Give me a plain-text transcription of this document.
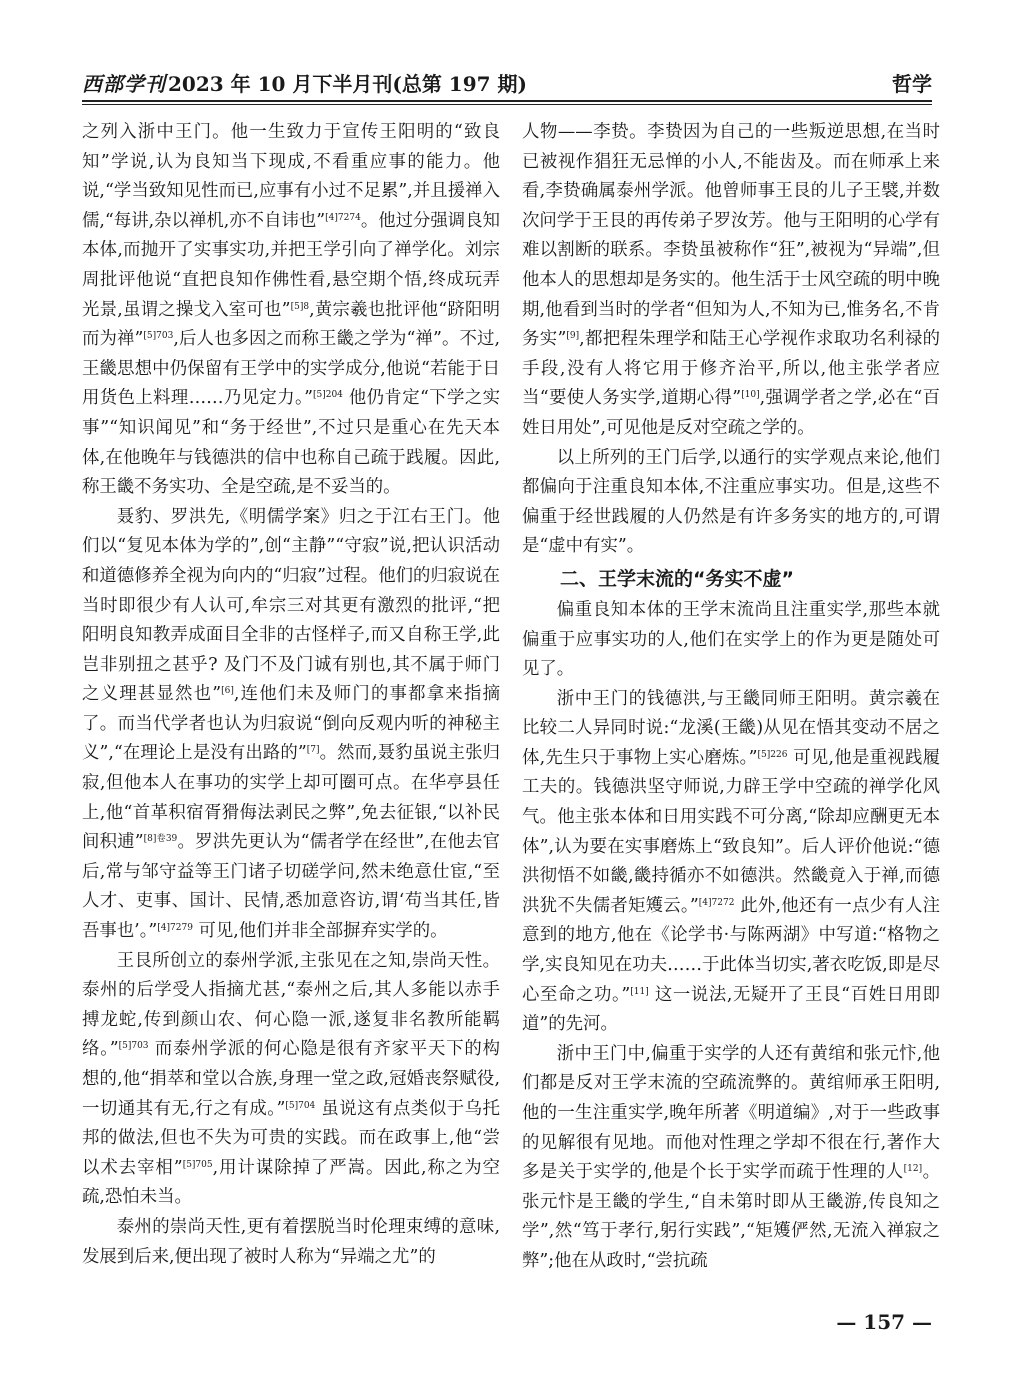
西部学刊 2023 年 10 月下半月刊(总第 197 期)	哲学

之列入浙中王门。他一生致力于宣传王阳明的“致良知”学说,认为良知当下现成,不看重应事的能力。他说,“学当致知见性而已,应事有小过不足累”,并且援禅入儒,“每讲,杂以禅机,亦不自讳也”$^{[4]7274}$。他过分强调良知本体,而抛开了实事实功,并把王学引向了禅学化。刘宗周批评他说“直把良知作佛性看,悬空期个悟,终成玩弄光景,虽谓之操戈入室可也”$^{[5]8}$,黄宗羲也批评他“跻阳明而为禅”$^{[5]703}$,后人也多因之而称王畿之学为“禅”。不过,王畿思想中仍保留有王学中的实学成分,他说“若能于日用货色上料理……乃见定力。”$^{[5]204}$ 他仍肯定“下学之实事”“知识闻见”和“务于经世”,不过只是重心在先天本体,在他晚年与钱德洪的信中也称自己疏于践履。因此,称王畿不务实功、全是空疏,是不妥当的。

聂豹、罗洪先,《明儒学案》归之于江右王门。他们以“复见本体为学的”,创“主静”“守寂”说,把认识活动和道德修养全视为向内的“归寂”过程。他们的归寂说在当时即很少有人认可,牟宗三对其更有激烈的批评,“把阳明良知教弄成面目全非的古怪样子,而又自称王学,此岂非别扭之甚乎? 及门不及门诚有别也,其不属于师门之义理甚显然也”[6],连他们未及师门的事都拿来指摘了。而当代学者也认为归寂说“倒向反观内听的神秘主义”,“在理论上是没有出路的”[7]。然而,聂豹虽说主张归寂,但他本人在事功的实学上却可圈可点。在华亭县任上,他“首革积宿胥猾侮法剥民之弊”,免去征银,“以补民间积逋”$^{[8]卷39}$。罗洪先更认为“儒者学在经世”,在他去官后,常与邹守益等王门诸子切磋学问,然未绝意仕宦,“至人才、吏事、国计、民情,悉加意咨访,谓‘苟当其任,皆吾事也’。”$^{[4]7279}$ 可见,他们并非全部摒弃实学的。

王艮所创立的泰州学派,主张见在之知,崇尚天性。泰州的后学受人指摘尤甚,“泰州之后,其人多能以赤手搏龙蛇,传到颜山农、何心隐一派,遂复非名教所能羁络。”$^{[5]703}$ 而泰州学派的何心隐是很有齐家平天下的构想的,他“捐萃和堂以合族,身理一堂之政,冠婚丧祭赋役,一切通其有无,行之有成。”$^{[5]704}$ 虽说这有点类似于乌托邦的做法,但也不失为可贵的实践。而在政事上,他“尝以术去宰相”$^{[5]705}$,用计谋除掉了严嵩。因此,称之为空疏,恐怕未当。

泰州的崇尚天性,更有着摆脱当时伦理束缚的意味,发展到后来,便出现了被时人称为“异端之尤”的

人物——李贽。李贽因为自己的一些叛逆思想,在当时已被视作猖狂无忌惮的小人,不能齿及。而在师承上来看,李贽确属泰州学派。他曾师事王艮的儿子王襞,并数次问学于王艮的再传弟子罗汝芳。他与王阳明的心学有难以割断的联系。李贽虽被称作“狂”,被视为“异端”,但他本人的思想却是务实的。他生活于士风空疏的明中晚期,他看到当时的学者“但知为人,不知为已,惟务名,不肯务实”[9],都把程朱理学和陆王心学视作求取功名利禄的手段,没有人将它用于修齐治平,所以,他主张学者应当“要使人务实学,道期心得”[10],强调学者之学,必在“百姓日用处”,可见他是反对空疏之学的。

以上所列的王门后学,以通行的实学观点来论,他们都偏向于注重良知本体,不注重应事实功。但是,这些不偏重于经世践履的人仍然是有许多务实的地方的,可谓是“虚中有实”。

二、王学末流的“务实不虚”

偏重良知本体的王学末流尚且注重实学,那些本就偏重于应事实功的人,他们在实学上的作为更是随处可见了。

浙中王门的钱德洪,与王畿同师王阳明。黄宗羲在比较二人异同时说:“龙溪(王畿)从见在悟其变动不居之体,先生只于事物上实心磨炼。”$^{[5]226}$ 可见,他是重视践履工夫的。钱德洪坚守师说,力辟王学中空疏的禅学化风气。他主张本体和日用实践不可分离,“除却应酬更无本体”,认为要在实事磨炼上“致良知”。后人评价他说:“德洪彻悟不如畿,畿持循亦不如德洪。然畿竟入于禅,而德洪犹不失儒者矩矱云。”$^{[4]7272}$ 此外,他还有一点少有人注意到的地方,他在《论学书·与陈两湖》中写道:“格物之学,实良知见在功夫……于此体当切实,著衣吃饭,即是尽心至命之功。”[11] 这一说法,无疑开了王艮“百姓日用即道”的先河。

浙中王门中,偏重于实学的人还有黄绾和张元忭,他们都是反对王学末流的空疏流弊的。黄绾师承王阳明,他的一生注重实学,晚年所著《明道编》,对于一些政事的见解很有见地。而他对性理之学却不很在行,著作大多是关于实学的,他是个长于实学而疏于性理的人[12]。张元忭是王畿的学生,“自未第时即从王畿游,传良知之学”,然“笃于孝行,躬行实践”,“矩矱俨然,无流入禅寂之弊”;他在从政时,“尝抗疏

— 157 —
